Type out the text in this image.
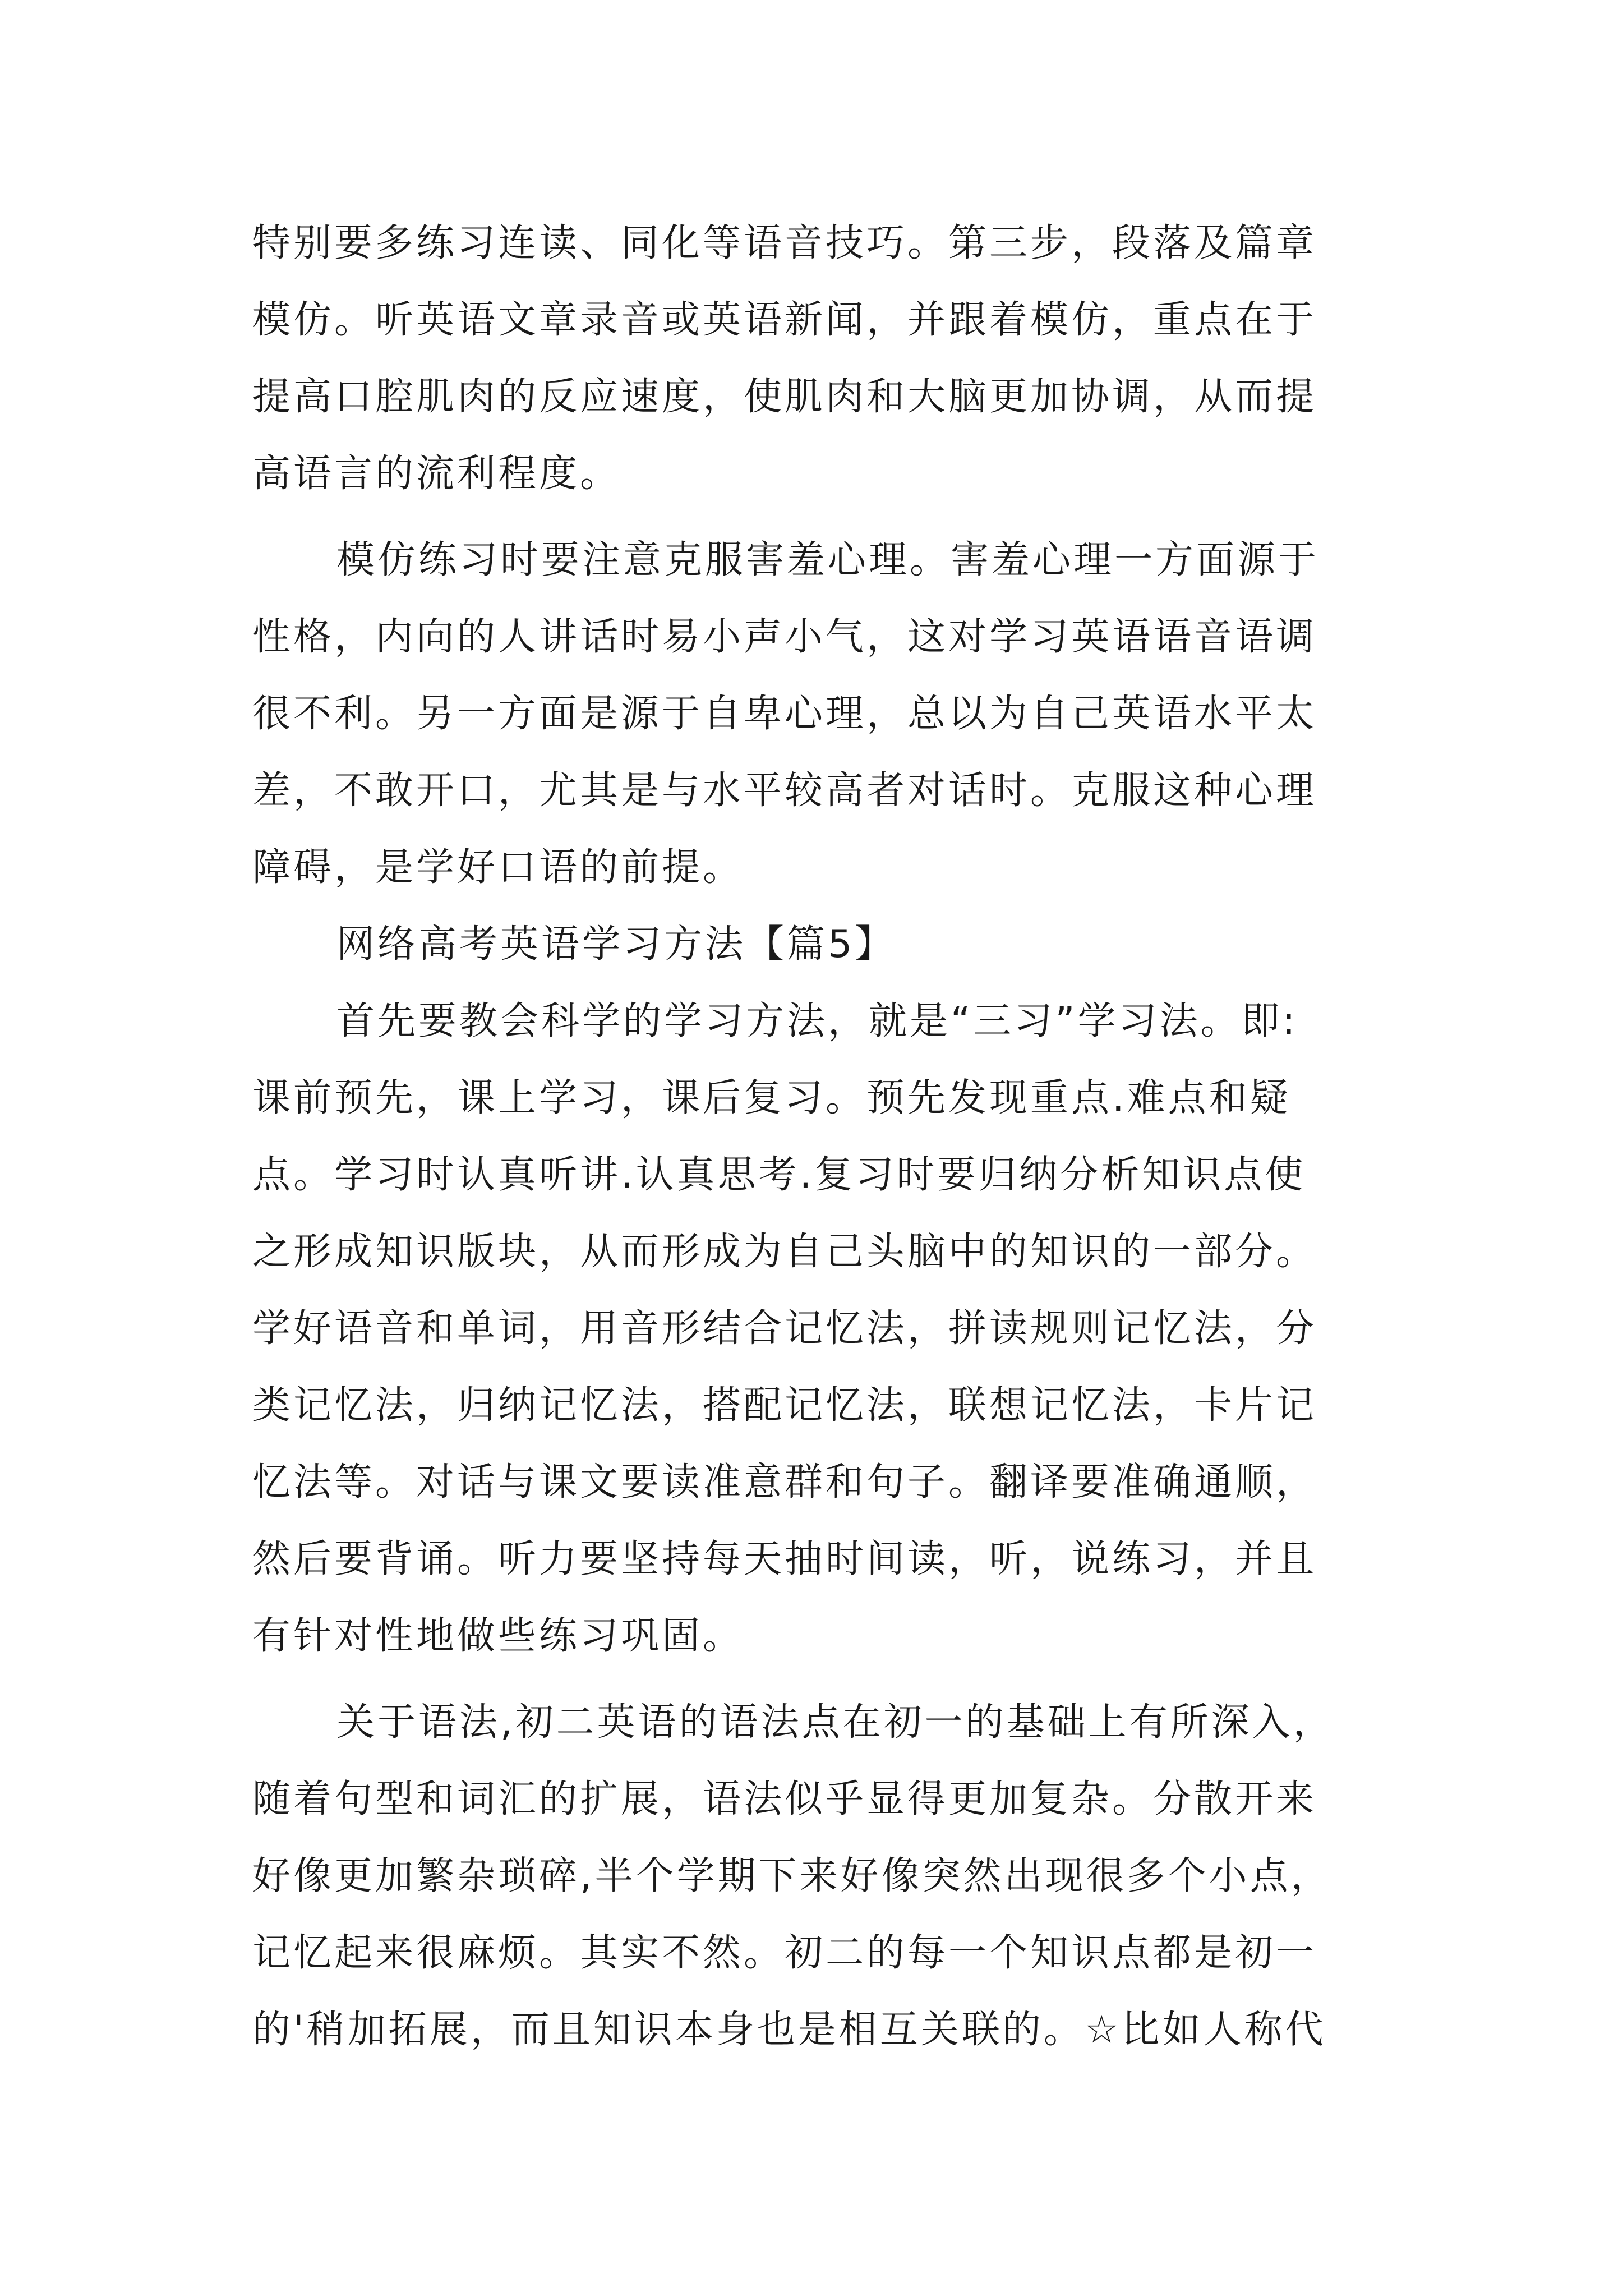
特别要多练习连读、同化等语音技巧。第三步，段落及篇章
模仿。听英语文章录音或英语新闻，并跟着模仿，重点在于
提高口腔肌肉的反应速度，使肌肉和大脑更加协调，从而提
高语言的流利程度。
模仿练习时要注意克服害羞心理。害羞心理一方面源于
性格，内向的人讲话时易小声小气，这对学习英语语音语调
很不利。另一方面是源于自卑心理，总以为自己英语水平太
差，不敢开口，尤其是与水平较高者对话时。克服这种心理
障碍，是学好口语的前提。
网络高考英语学习方法【篇5】
首先要教会科学的学习方法，就是“三习”学习法。即:
课前预先，课上学习，课后复习。预先发现重点.难点和疑
点。学习时认真听讲.认真思考.复习时要归纳分析知识点使
之形成知识版块，从而形成为自己头脑中的知识的一部分。
学好语音和单词，用音形结合记忆法，拼读规则记忆法，分
类记忆法，归纳记忆法，搭配记忆法，联想记忆法，卡片记
忆法等。对话与课文要读准意群和句子。翻译要准确通顺，
然后要背诵。听力要坚持每天抽时间读，听，说练习，并且
有针对性地做些练习巩固。
关于语法,初二英语的语法点在初一的基础上有所深入，
随着句型和词汇的扩展，语法似乎显得更加复杂。分散开来
好像更加繁杂琐碎,半个学期下来好像突然出现很多个小点，
记忆起来很麻烦。其实不然。初二的每一个知识点都是初一
的'稍加拓展，而且知识本身也是相互关联的。☆比如人称代
